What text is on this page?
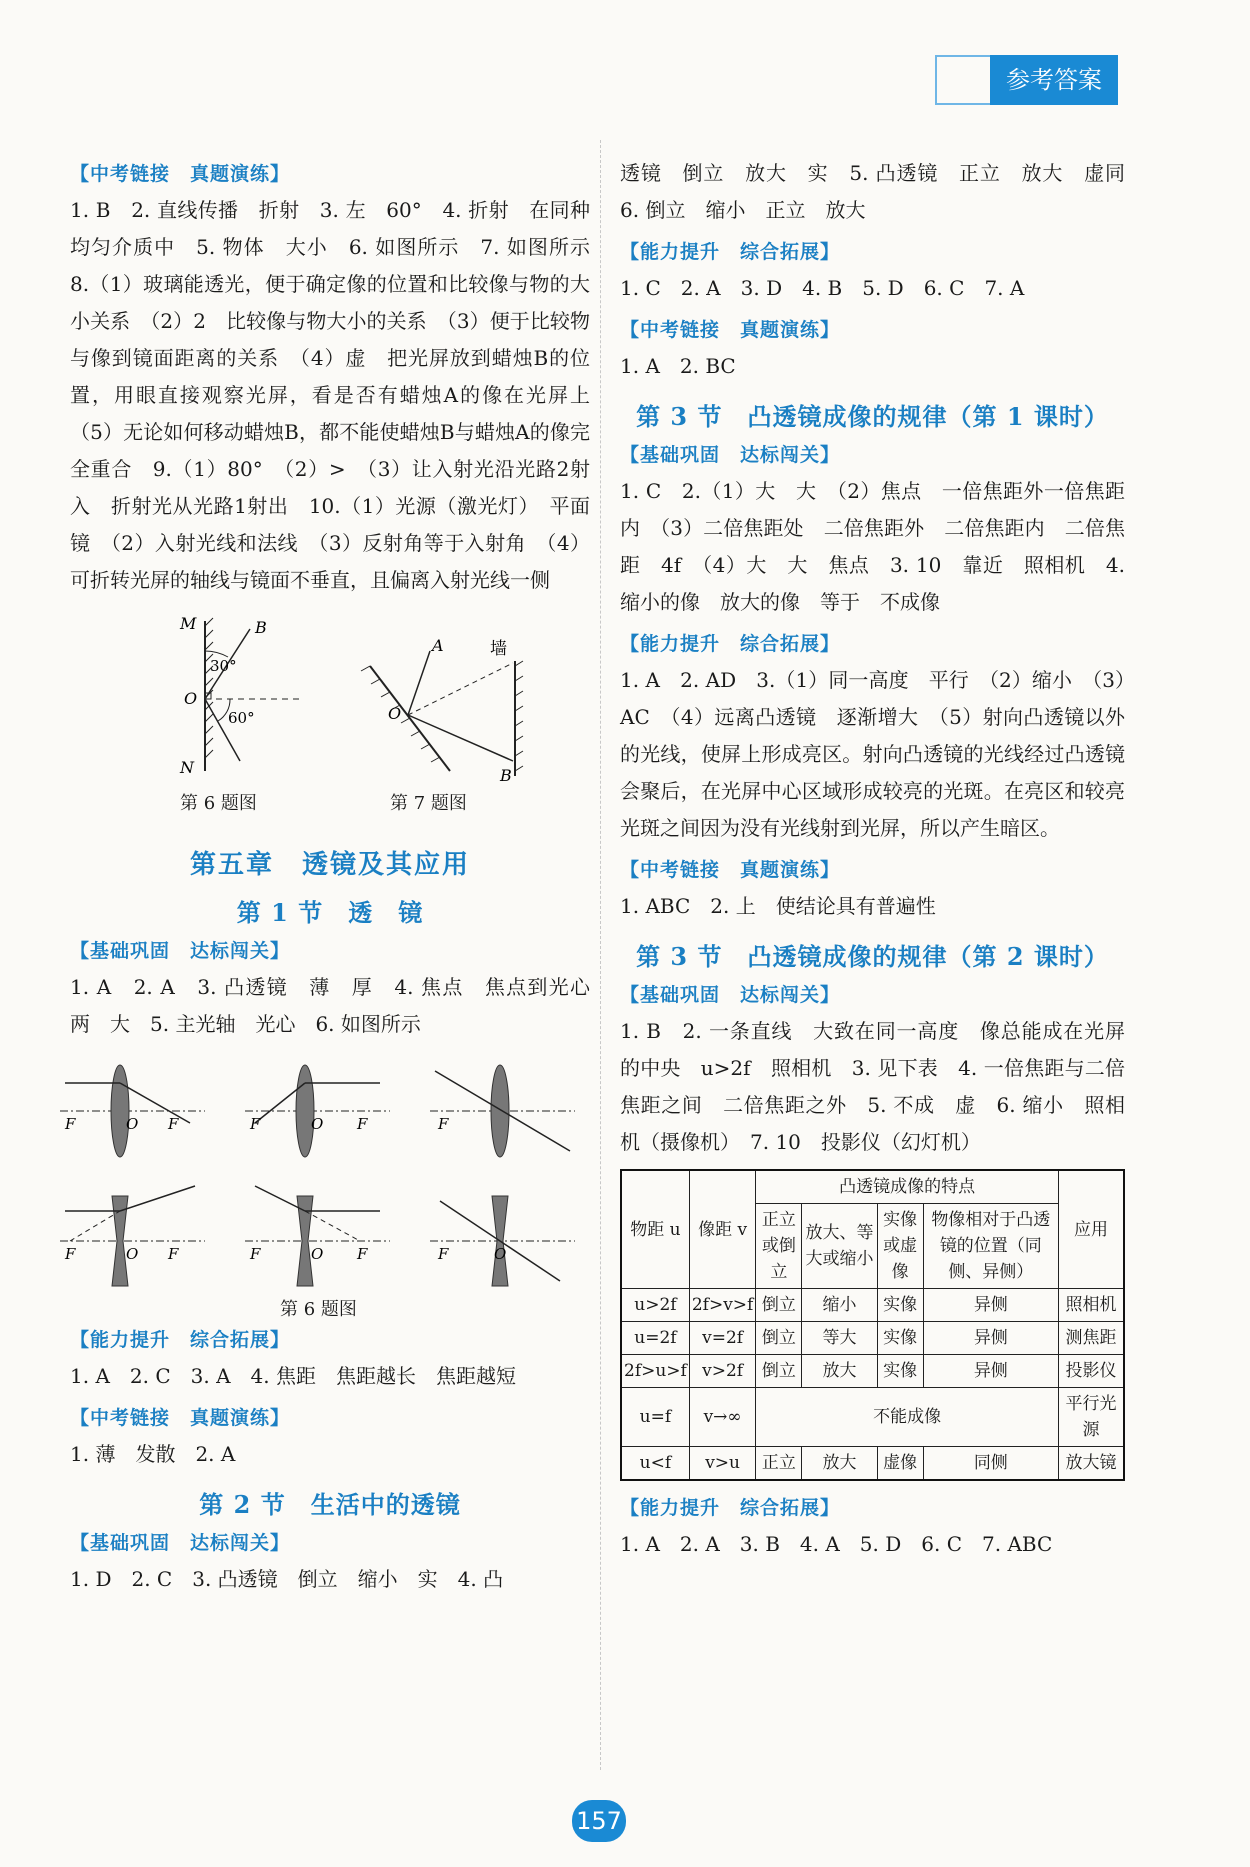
参考答案
【中考链接　真题演练】

1. B　2. 直线传播　折射　3. 左　60°　4. 折射　在同种均匀介质中　5. 物体　大小　6. 如图所示　7. 如图所示　8.（1）玻璃能透光，便于确定像的位置和比较像与物的大小关系　（2）2　比较像与物大小的关系　（3）便于比较物与像到镜面距离的关系　（4）虚　把光屏放到蜡烛B的位置，用眼直接观察光屏，看是否有蜡烛A的像在光屏上　（5）无论如何移动蜡烛B，都不能使蜡烛B与蜡烛A的像完全重合　9.（1）80°　（2）>　（3）让入射光沿光路2射入　折射光从光路1射出　10.（1）光源（激光灯）　平面镜　（2）入射光线和法线　（3）反射角等于入射角　（4）可折转光屏的轴线与镜面不垂直，且偏离入射光线一侧

M	B
30°
O
60°
N
A	墙
O
B
第 6 题图	第 7 题图
第五章　透镜及其应用
第 1 节　透　镜
【基础巩固　达标闯关】

1. A　2. A　3. 凸透镜　薄　厚　4. 焦点　焦点到光心　两　大　5. 主光轴　光心　6. 如图所示

F	O F	F	O F	F
F	O F	F	O F	F	O
第 6 题图
【能力提升　综合拓展】

1. A　2. C　3. A　4. 焦距　焦距越长　焦距越短

【中考链接　真题演练】

1. 薄　发散　2. A

第 2 节　生活中的透镜
【基础巩固　达标闯关】

1. D　2. C　3. 凸透镜　倒立　缩小　实　4. 凸

透镜　倒立　放大　实　5. 凸透镜　正立　放大　虚同　6. 倒立　缩小　正立　放大

【能力提升　综合拓展】

1. C　2. A　3. D　4. B　5. D　6. C　7. A

【中考链接　真题演练】

1. A　2. BC

第 3 节　凸透镜成像的规律（第 1 课时）
【基础巩固　达标闯关】

1. C　2.（1）大　大　（2）焦点　一倍焦距外一倍焦距内　（3）二倍焦距处　二倍焦距外　二倍焦距内　二倍焦距　4f　（4）大　大　焦点　3. 10　靠近　照相机　4. 缩小的像　放大的像　等于　不成像

【能力提升　综合拓展】

1. A　2. AD　3.（1）同一高度　平行　（2）缩小　（3）AC　（4）远离凸透镜　逐渐增大　（5）射向凸透镜以外的光线，使屏上形成亮区。射向凸透镜的光线经过凸透镜会聚后，在光屏中心区域形成较亮的光斑。在亮区和较亮光斑之间因为没有光线射到光屏，所以产生暗区。

【中考链接　真题演练】

1. ABC　2. 上　使结论具有普遍性

第 3 节　凸透镜成像的规律（第 2 课时）
【基础巩固　达标闯关】

1. B　2. 一条直线　大致在同一高度　像总能成在光屏的中央　u>2f　照相机　3. 见下表　4. 一倍焦距与二倍焦距之间　二倍焦距之外　5. 不成　虚　6. 缩小　照相机（摄像机）　7. 10　投影仪（幻灯机）

物距 u	像距 v	凸透镜成像的特点				应用
		正立或倒立	放大、等大或缩小	实像或虚像	物像相对于凸透镜的位置（同侧、异侧）	
u>2f	2f>v>f	倒立	缩小	实像	异侧	照相机
u=2f	v=2f	倒立	等大	实像	异侧	测焦距
2f>u>f	v>2f	倒立	放大	实像	异侧	投影仪
u=f	v→∞	不能成像				平行光源
u<f	v>u	正立	放大	虚像	同侧	放大镜
【能力提升　综合拓展】

1. A　2. A　3. B　4. A　5. D　6. C　7. ABC

157
